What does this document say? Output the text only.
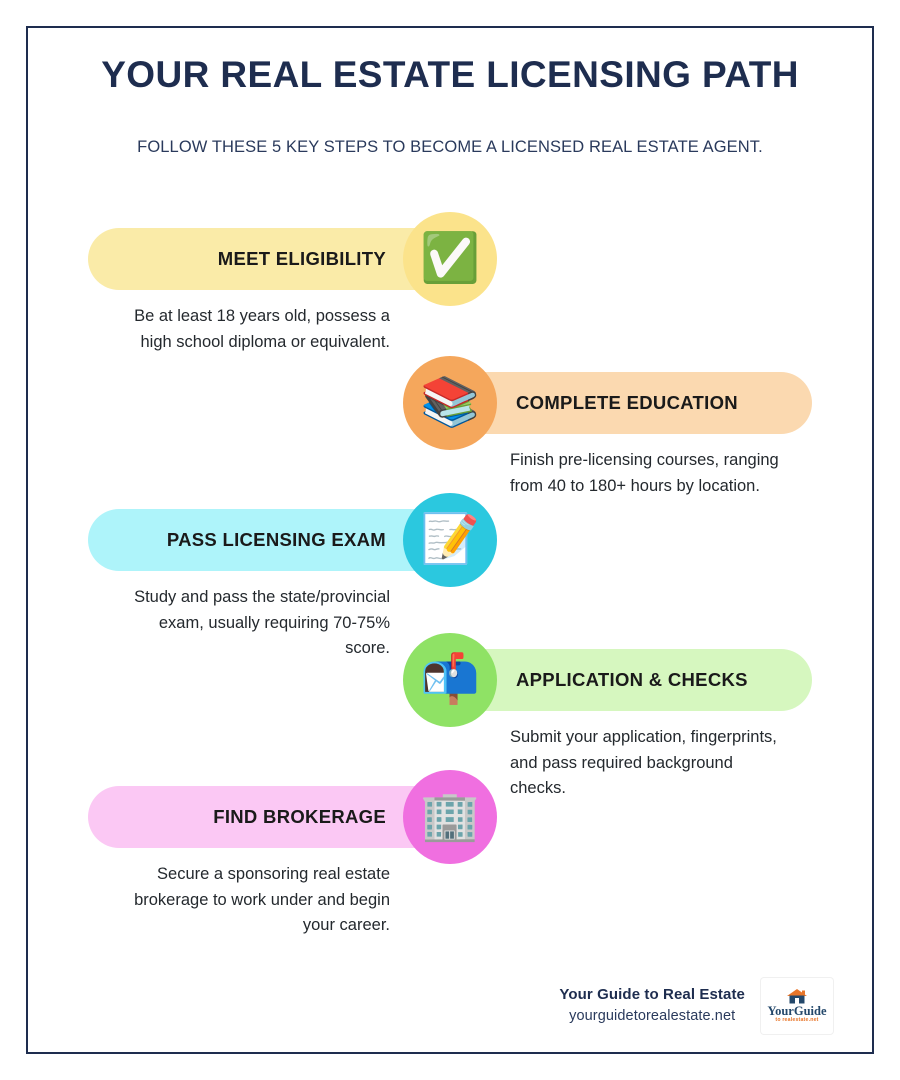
YOUR REAL ESTATE LICENSING PATH

FOLLOW THESE 5 KEY STEPS TO BECOME A LICENSED REAL ESTATE AGENT.

MEET ELIGIBILITY ✅
Be at least 18 years old, possess a high school diploma or equivalent.
COMPLETE EDUCATION
📚
Finish pre-licensing courses, ranging from 40 to 180+ hours by location.
PASS LICENSING EXAM 📝
Study and pass the state/provincial exam, usually requiring 70-75% score.
APPLICATION & CHECKS
📬
Submit your application, fingerprints, and pass required background checks.
FIND BROKERAGE 🏢
Secure a sponsoring real estate brokerage to work under and begin your career.
Your Guide to Real Estate
yourguidetorealestate.net	YourGuide
to realestate.net
